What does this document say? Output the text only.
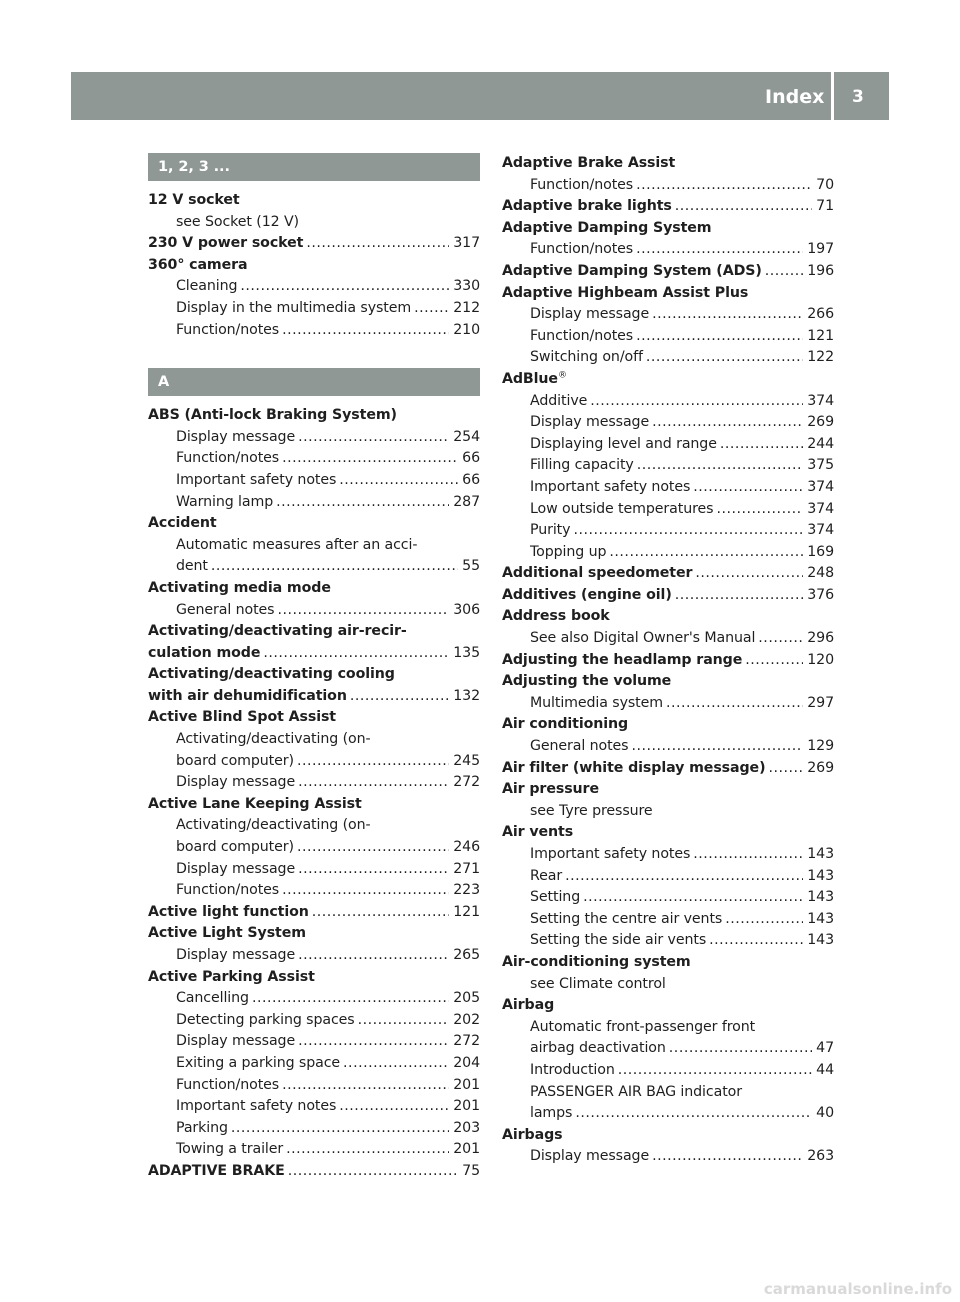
Index	3
1, 2, 3 ...
12 V socket
see Socket (12 V)
230 V power socket .....	317
360° camera
Cleaning .....	330
Display in the multimedia system .....	212
Function/notes .....	210
A
ABS (Anti-lock Braking System)
Display message .....	254
Function/notes .....	66
Important safety notes .....	66
Warning lamp .....	287
Accident
Automatic measures after an acci-
dent .....	55
Activating media mode
General notes .....	306
Activating/deactivating air-recir-
culation mode .....	135
Activating/deactivating cooling
with air dehumidification .....	132
Active Blind Spot Assist
Activating/deactivating (on-
board computer) .....	245
Display message .....	272
Active Lane Keeping Assist
Activating/deactivating (on-
board computer) .....	246
Display message .....	271
Function/notes .....	223
Active light function .....	121
Active Light System
Display message .....	265
Active Parking Assist
Cancelling .....	205
Detecting parking spaces .....	202
Display message .....	272
Exiting a parking space .....	204
Function/notes .....	201
Important safety notes .....	201
Parking .....	203
Towing a trailer .....	201
ADAPTIVE BRAKE .....	75
Adaptive Brake Assist
Function/notes .....	70
Adaptive brake lights .....	71
Adaptive Damping System
Function/notes .....	197
Adaptive Damping System (ADS) .....	196
Adaptive Highbeam Assist Plus
Display message .....	266
Function/notes .....	121
Switching on/off .....	122
AdBlue®
Additive .....	374
Display message .....	269
Displaying level and range .....	244
Filling capacity .....	375
Important safety notes .....	374
Low outside temperatures .....	374
Purity .....	374
Topping up .....	169
Additional speedometer .....	248
Additives (engine oil) .....	376
Address book
See also Digital Owner's Manual .....	296
Adjusting the headlamp range .....	120
Adjusting the volume
Multimedia system .....	297
Air conditioning
General notes .....	129
Air filter (white display message) .....	269
Air pressure
see Tyre pressure
Air vents
Important safety notes .....	143
Rear .....	143
Setting .....	143
Setting the centre air vents .....	143
Setting the side air vents .....	143
Air-conditioning system
see Climate control
Airbag
Automatic front-passenger front
airbag deactivation .....	47
Introduction .....	44
PASSENGER AIR BAG indicator
lamps .....	40
Airbags
Display message .....	263
carmanualsonline.info
